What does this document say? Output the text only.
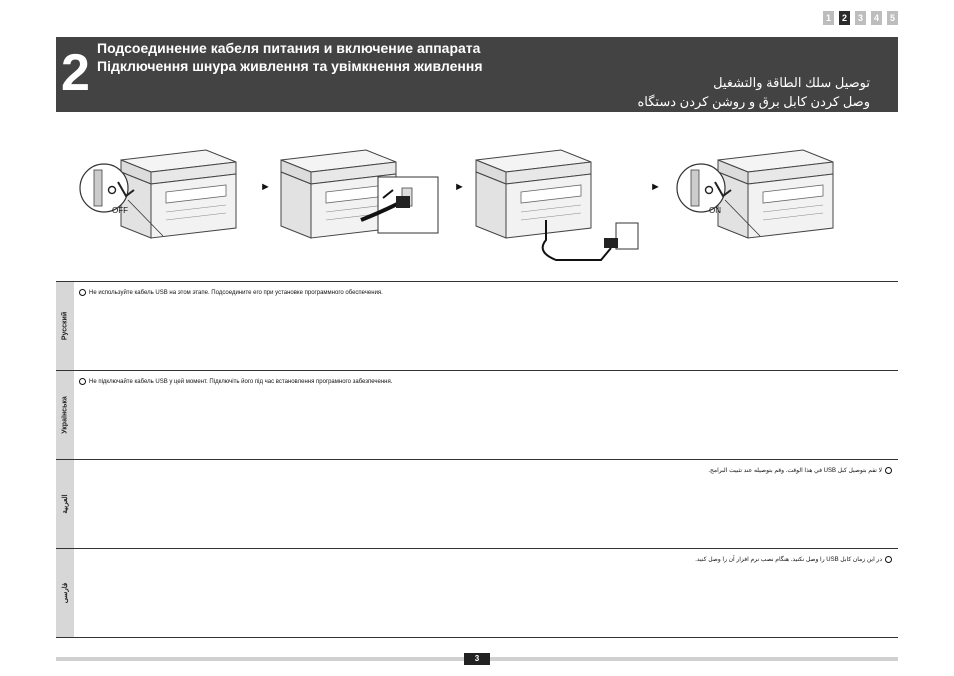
1	2	3	4	5
2 Подсоединение кабеля питания и включение аппарата
Підключення шнура живлення та увімкнення живлення
توصيل سلك الطاقة والتشغيل
وصل کردن کابل برق و روشن کردن دستگاه
OFF
►	►	►
ON
Русский
Не используйте кабель USB на этом этапе. Подсоедините его при установке программного обеспечения.
Українська
Не підключайте кабель USB у цей момент. Підключіть його під час встановлення програмного забезпечення.
العربية
لا تقم بتوصيل كبل USB في هذا الوقت. وقم بتوصيله عند تثبيت البرامج.
فارسی
در این زمان کابل USB را وصل نکنید. هنگام نصب نرم افزار آن را وصل کنید.
3
